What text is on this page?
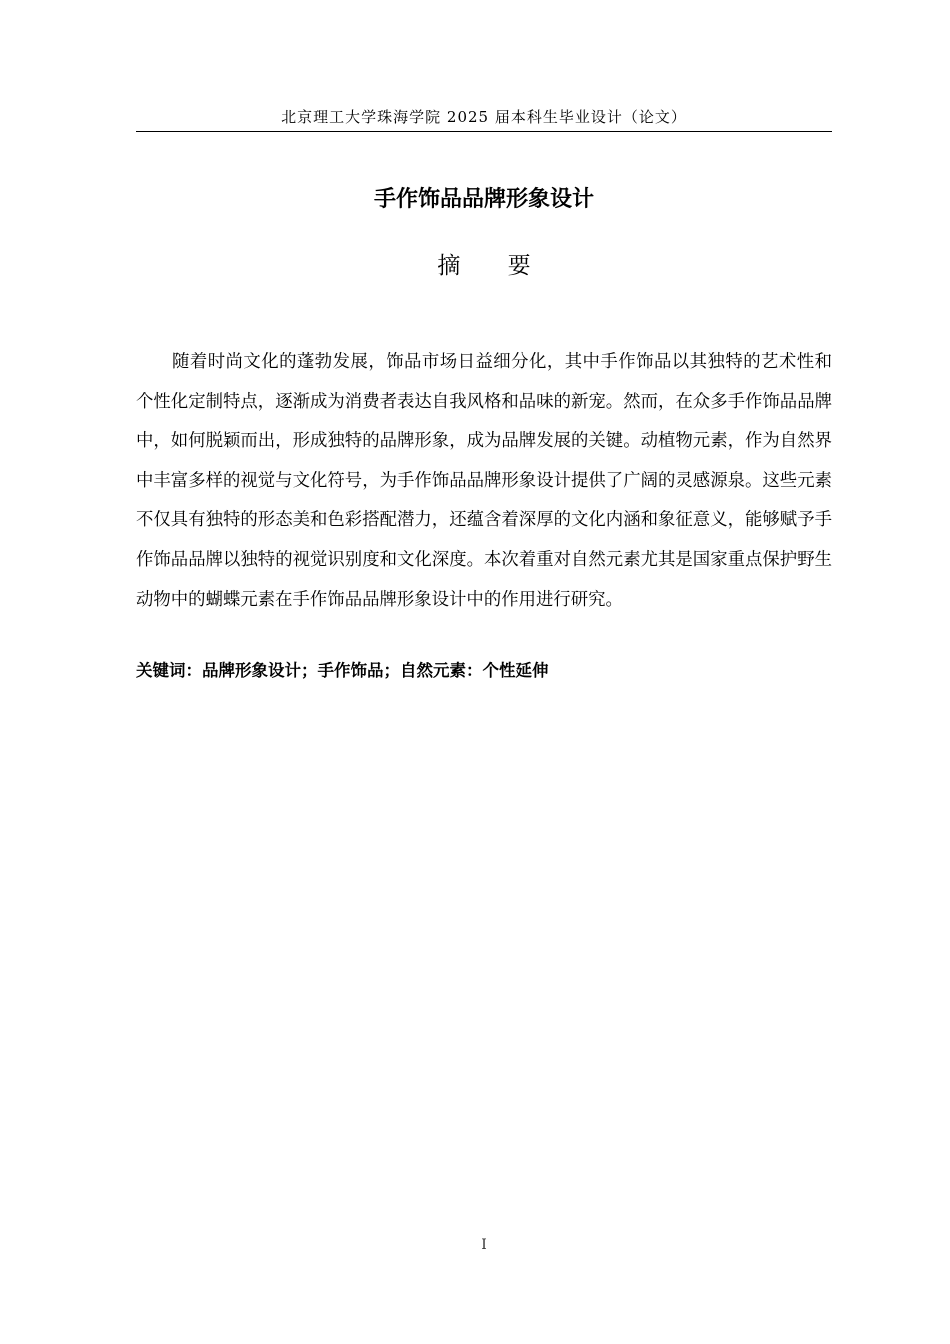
北京理工大学珠海学院 2025 届本科生毕业设计（论文）
手作饰品品牌形象设计
摘 要

随着时尚文化的蓬勃发展，饰品市场日益细分化，其中手作饰品以其独特的艺术性和个性化定制特点，逐渐成为消费者表达自我风格和品味的新宠。然而，在众多手作饰品品牌中，如何脱颖而出，形成独特的品牌形象，成为品牌发展的关键。动植物元素，作为自然界中丰富多样的视觉与文化符号，为手作饰品品牌形象设计提供了广阔的灵感源泉。这些元素不仅具有独特的形态美和色彩搭配潜力，还蕴含着深厚的文化内涵和象征意义，能够赋予手作饰品品牌以独特的视觉识别度和文化深度。本次着重对自然元素尤其是国家重点保护野生动物中的蝴蝶元素在手作饰品品牌形象设计中的作用进行研究。

关键词：品牌形象设计；手作饰品；自然元素：个性延伸
I
